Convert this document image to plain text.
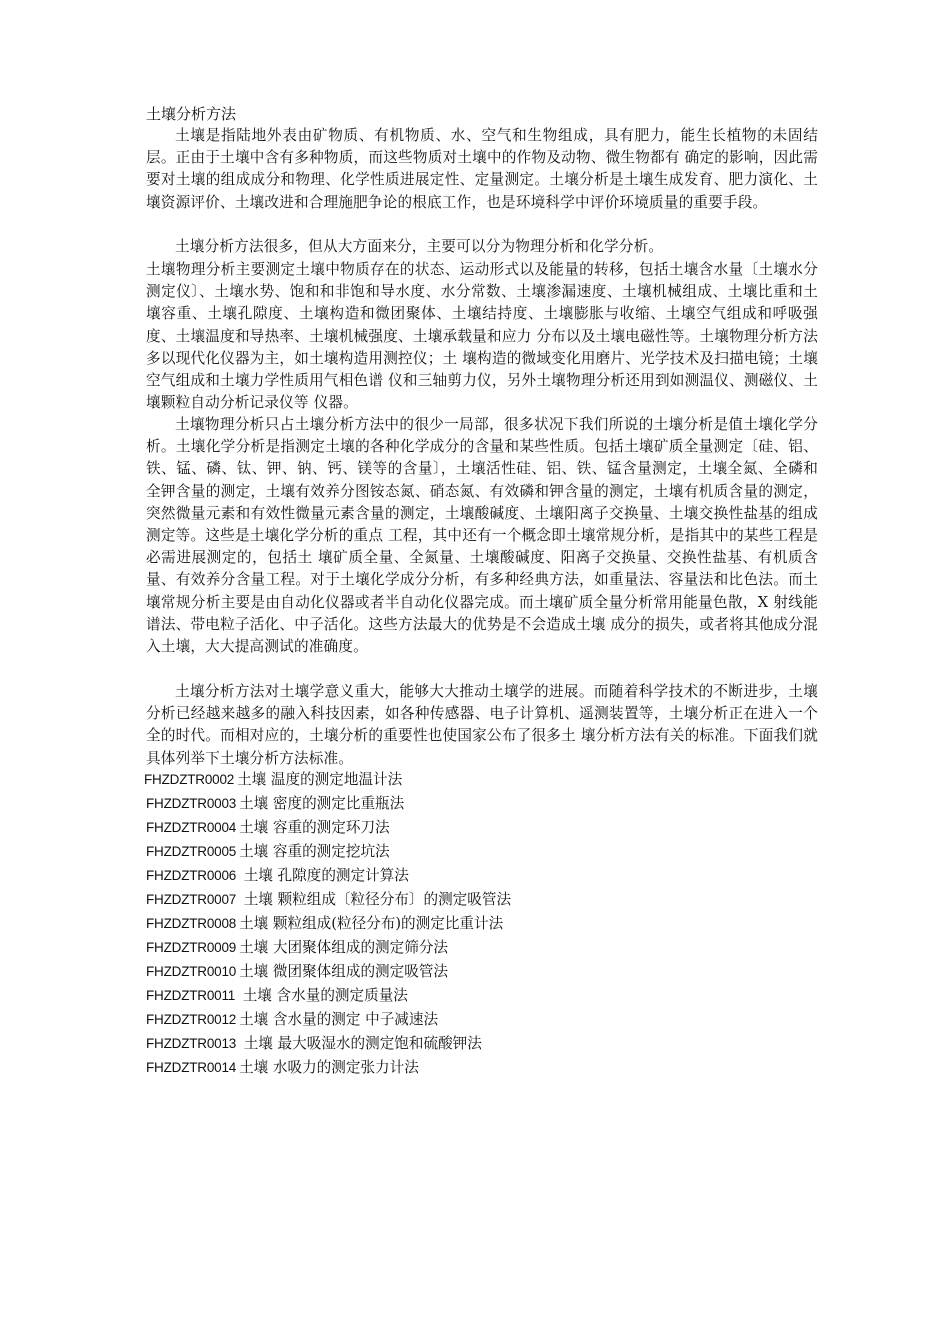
土壤分析方法

土壤是指陆地外表由矿物质、有机物质、水、空气和生物组成，具有肥力，能生长植物的未固结层。正由于土壤中含有多种物质，而这些物质对土壤中的作物及动物、微生物都有 确定的影响，因此需要对土壤的组成成分和物理、化学性质进展定性、定量测定。土壤分析是土壤生成发育、肥力演化、土壤资源评价、土壤改进和合理施肥争论的根底工作，也是环境科学中评价环境质量的重要手段。

土壤分析方法很多，但从大方面来分，主要可以分为物理分析和化学分析。

土壤物理分析主要测定土壤中物质存在的状态、运动形式以及能量的转移，包括土壤含水量〔土壤水分测定仪〕、土壤水势、饱和和非饱和导水度、水分常数、土壤渗漏速度、土壤机械组成、土壤比重和土壤容重、土壤孔隙度、土壤构造和微团聚体、土壤结持度、土壤膨胀与收缩、土壤空气组成和呼吸强度、土壤温度和导热率、土壤机械强度、土壤承载量和应力 分布以及土壤电磁性等。土壤物理分析方法多以现代化仪器为主，如土壤构造用测控仪；土 壤构造的微域变化用磨片、光学技术及扫描电镜；土壤空气组成和土壤力学性质用气相色谱 仪和三轴剪力仪，另外土壤物理分析还用到如测温仪、测磁仪、土壤颗粒自动分析记录仪等 仪器。

土壤物理分析只占土壤分析方法中的很少一局部，很多状况下我们所说的土壤分析是值土壤化学分析。土壤化学分析是指测定土壤的各种化学成分的含量和某些性质。包括土壤矿质全量测定〔硅、铝、铁、锰、磷、钛、钾、钠、钙、镁等的含量〕，土壤活性硅、铝、铁、锰含量测定，土壤全氮、全磷和全钾含量的测定，土壤有效养分图铵态氮、硝态氮、有效磷和钾含量的测定，土壤有机质含量的测定，突然微量元素和有效性微量元素含量的测定，土壤酸碱度、土壤阳离子交换量、土壤交换性盐基的组成测定等。这些是土壤化学分析的重点 工程，其中还有一个概念即土壤常规分析，是指其中的某些工程是必需进展测定的，包括土 壤矿质全量、全氮量、土壤酸碱度、阳离子交换量、交换性盐基、有机质含量、有效养分含量工程。对于土壤化学成分分析，有多种经典方法，如重量法、容量法和比色法。而土壤常规分析主要是由自动化仪器或者半自动化仪器完成。而土壤矿质全量分析常用能量色散，X 射线能谱法、带电粒子活化、中子活化。这些方法最大的优势是不会造成土壤 成分的损失，或者将其他成分混入土壤，大大提高测试的准确度。

土壤分析方法对土壤学意义重大，能够大大推动土壤学的进展。而随着科学技术的不断进步，土壤分析已经越来越多的融入科技因素，如各种传感器、电子计算机、遥测装置等，土壤分析正在进入一个全的时代。而相对应的，土壤分析的重要性也使国家公布了很多土 壤分析方法有关的标准。下面我们就具体列举下土壤分析方法标准。

FHZDZTR0002 土壤 温度的测定地温计法
FHZDZTR0003 土壤 密度的测定比重瓶法
FHZDZTR0004 土壤 容重的测定环刀法
FHZDZTR0005 土壤 容重的测定挖坑法
FHZDZTR0006 土壤 孔隙度的测定计算法
FHZDZTR0007 土壤 颗粒组成〔粒径分布〕的测定吸管法
FHZDZTR0008 土壤 颗粒组成(粒径分布)的测定比重计法
FHZDZTR0009 土壤 大团聚体组成的测定筛分法
FHZDZTR0010 土壤 微团聚体组成的测定吸管法
FHZDZTR0011 土壤 含水量的测定质量法
FHZDZTR0012 土壤 含水量的测定 中子减速法
FHZDZTR0013 土壤 最大吸湿水的测定饱和硫酸钾法
FHZDZTR0014 土壤 水吸力的测定张力计法
